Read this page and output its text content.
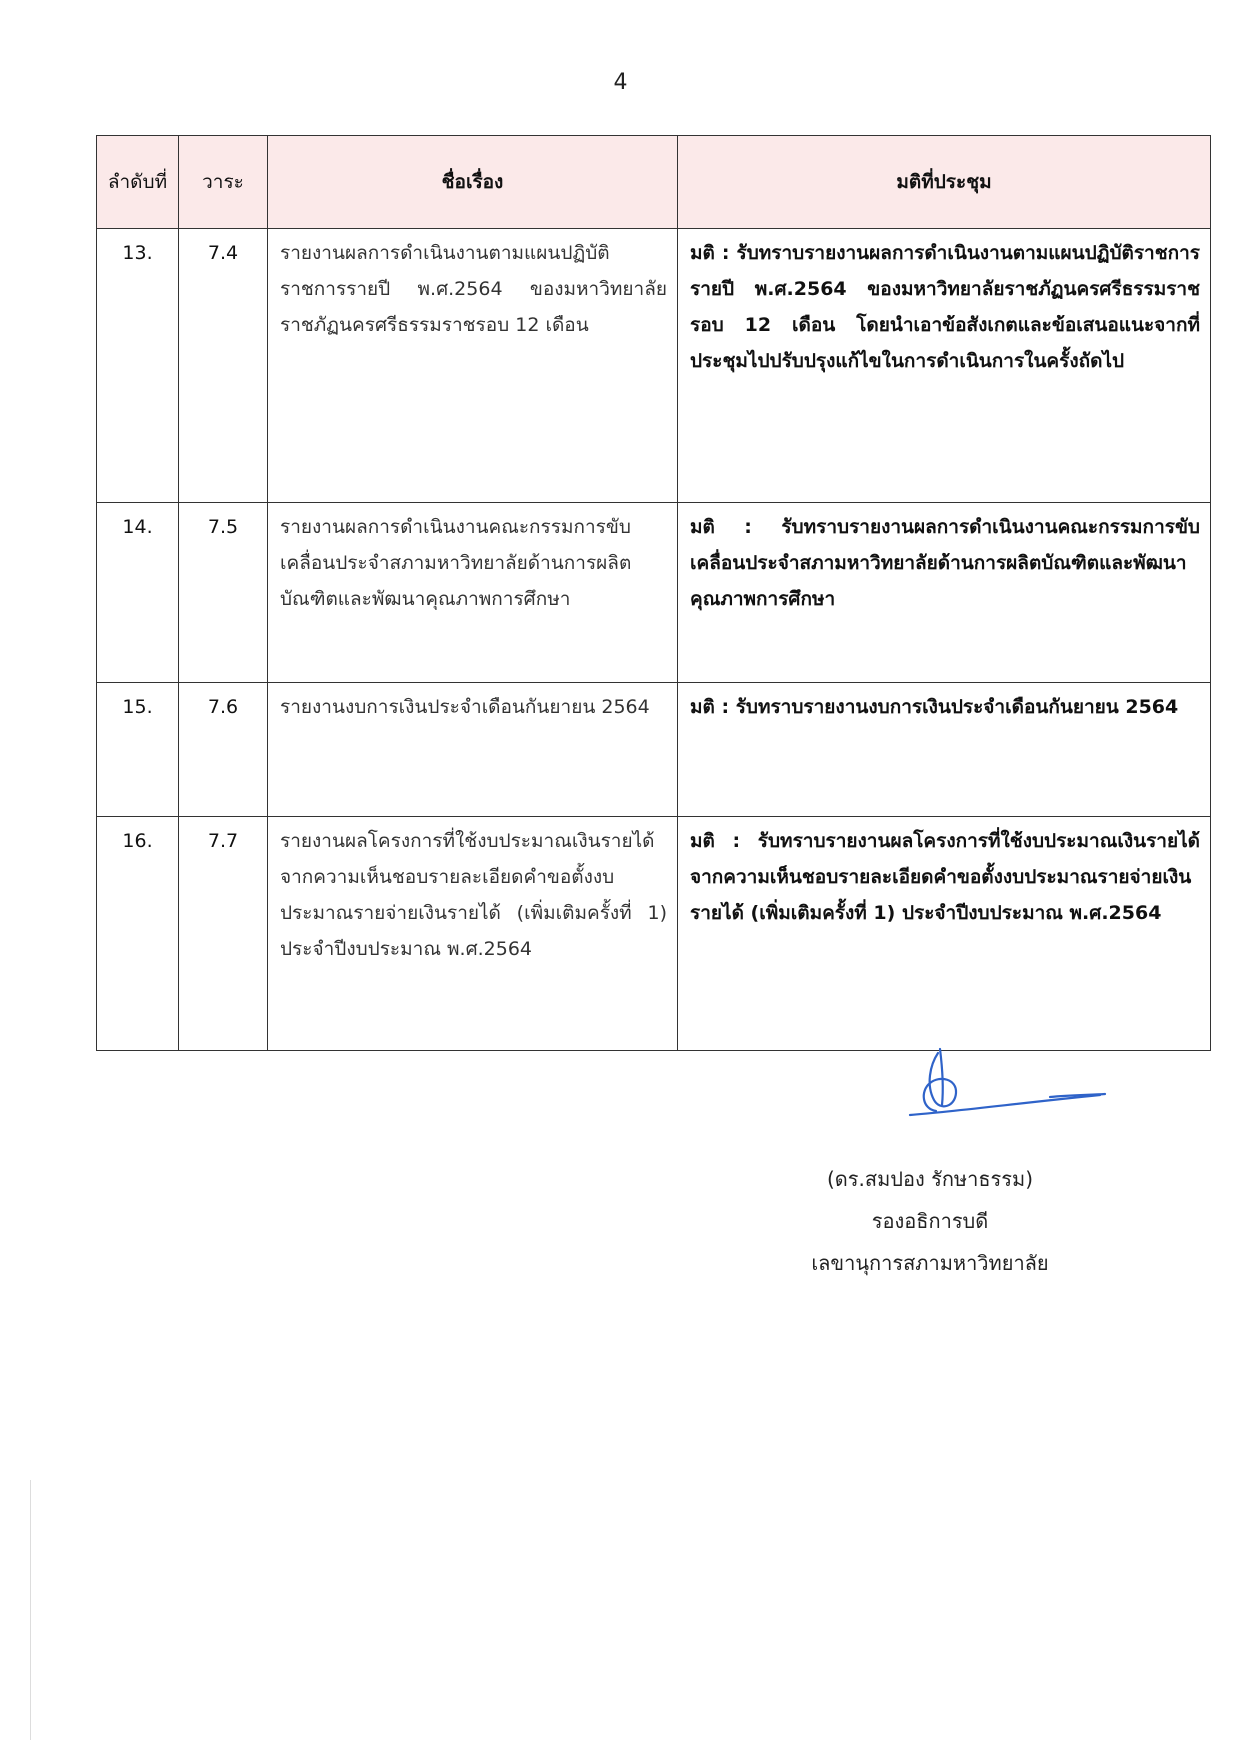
4
ลำดับที่	วาระ	ชื่อเรื่อง	มติที่ประชุม
13.	7.4	รายงานผลการดำเนินงานตามแผนปฏิบัติราชการรายปี พ.ศ.2564 ของมหาวิทยาลัยราชภัฏนครศรีธรรมราชรอบ 12 เดือน	มติ : รับทราบรายงานผลการดำเนินงานตามแผนปฏิบัติราชการรายปี พ.ศ.2564 ของมหาวิทยาลัยราชภัฏนครศรีธรรมราชรอบ 12 เดือน โดยนำเอาข้อสังเกตและข้อเสนอแนะจากที่ประชุมไปปรับปรุงแก้ไขในการดำเนินการในครั้งถัดไป
14.	7.5	รายงานผลการดำเนินงานคณะกรรมการขับเคลื่อนประจำสภามหาวิทยาลัยด้านการผลิตบัณฑิตและพัฒนาคุณภาพการศึกษา	มติ : รับทราบรายงานผลการดำเนินงานคณะกรรมการขับเคลื่อนประจำสภามหาวิทยาลัยด้านการผลิตบัณฑิตและพัฒนาคุณภาพการศึกษา
15.	7.6	รายงานงบการเงินประจำเดือนกันยายน 2564	มติ : รับทราบรายงานงบการเงินประจำเดือนกันยายน 2564
16.	7.7	รายงานผลโครงการที่ใช้งบประมาณเงินรายได้จากความเห็นชอบรายละเอียดคำขอตั้งงบประมาณรายจ่ายเงินรายได้ (เพิ่มเติมครั้งที่ 1) ประจำปีงบประมาณ พ.ศ.2564	มติ : รับทราบรายงานผลโครงการที่ใช้งบประมาณเงินรายได้จากความเห็นชอบรายละเอียดคำขอตั้งงบประมาณรายจ่ายเงินรายได้ (เพิ่มเติมครั้งที่ 1) ประจำปีงบประมาณ พ.ศ.2564
(ดร.สมปอง รักษาธรรม)
รองอธิการบดี
เลขานุการสภามหาวิทยาลัย
